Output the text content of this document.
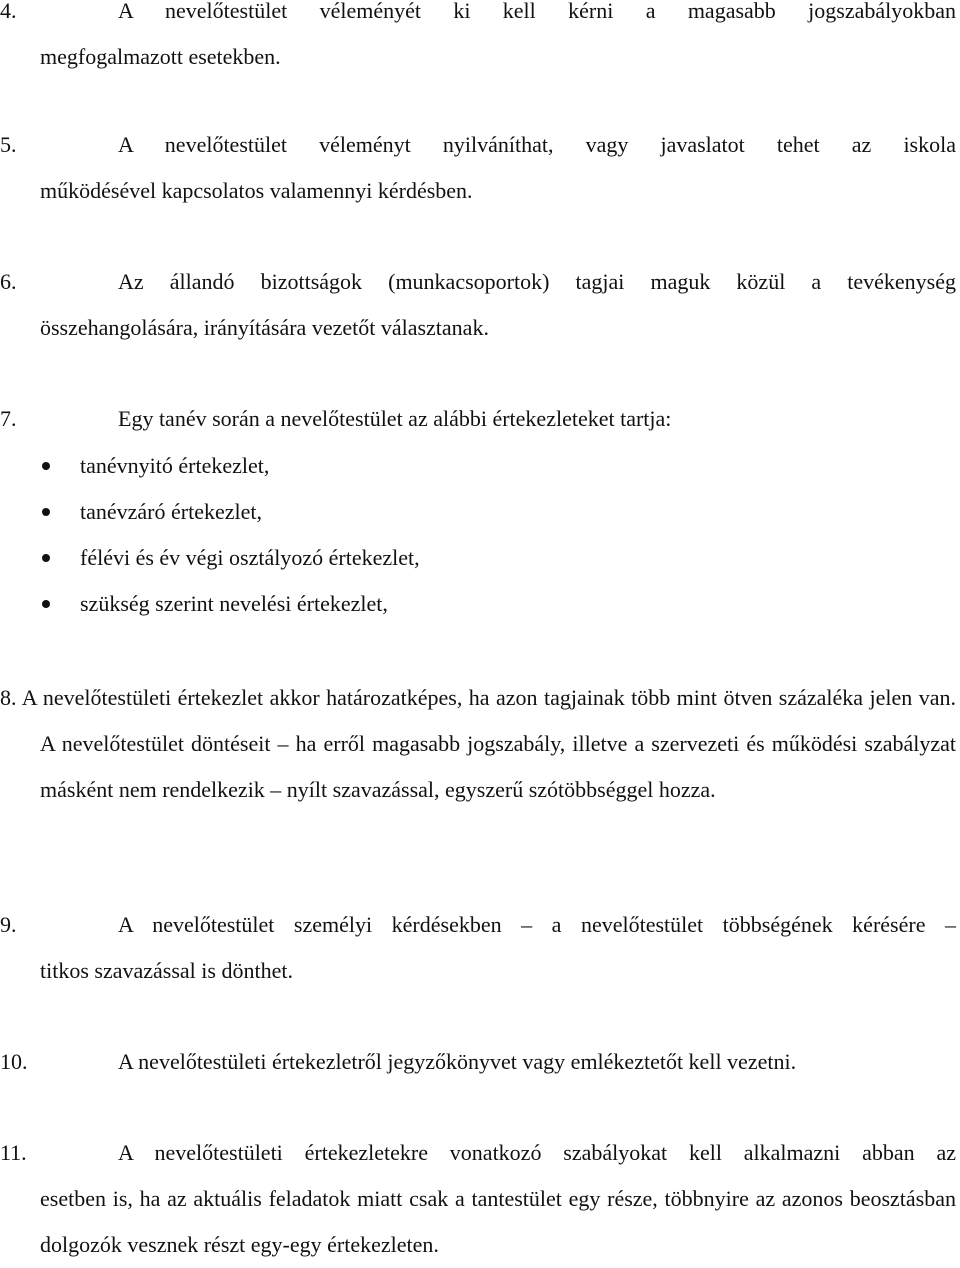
4.	A nevelőtestület véleményét ki kell kérni a magasabb jogszabályokban
megfogalmazott esetekben.
5.	A nevelőtestület véleményt nyilváníthat, vagy javaslatot tehet az iskola
működésével kapcsolatos valamennyi kérdésben.
6.	Az állandó bizottságok (munkacsoportok) tagjai maguk közül a tevékenység
összehangolására, irányítására vezetőt választanak.
7.	Egy tanév során a nevelőtestület az alábbi értekezleteket tartja:
tanévnyitó értekezlet,
tanévzáró értekezlet,
félévi és év végi osztályozó értekezlet,
szükség szerint nevelési értekezlet,
8. A nevelőtestületi értekezlet akkor határozatképes, ha azon tagjainak több mint ötven százaléka jelen van. A nevelőtestület döntéseit – ha erről magasabb jogszabály, illetve a szervezeti és működési szabályzat másként nem rendelkezik – nyílt szavazással, egyszerű szótöbbséggel hozza.
9.	A nevelőtestület személyi kérdésekben – a nevelőtestület többségének kérésére –
titkos szavazással is dönthet.
10.	A nevelőtestületi értekezletről jegyzőkönyvet vagy emlékeztetőt kell vezetni.
11.	A nevelőtestületi értekezletekre vonatkozó szabályokat kell alkalmazni abban az
esetben is, ha az aktuális feladatok miatt csak a tantestület egy része, többnyire az azonos beosztásban dolgozók vesznek részt egy-egy értekezleten.
